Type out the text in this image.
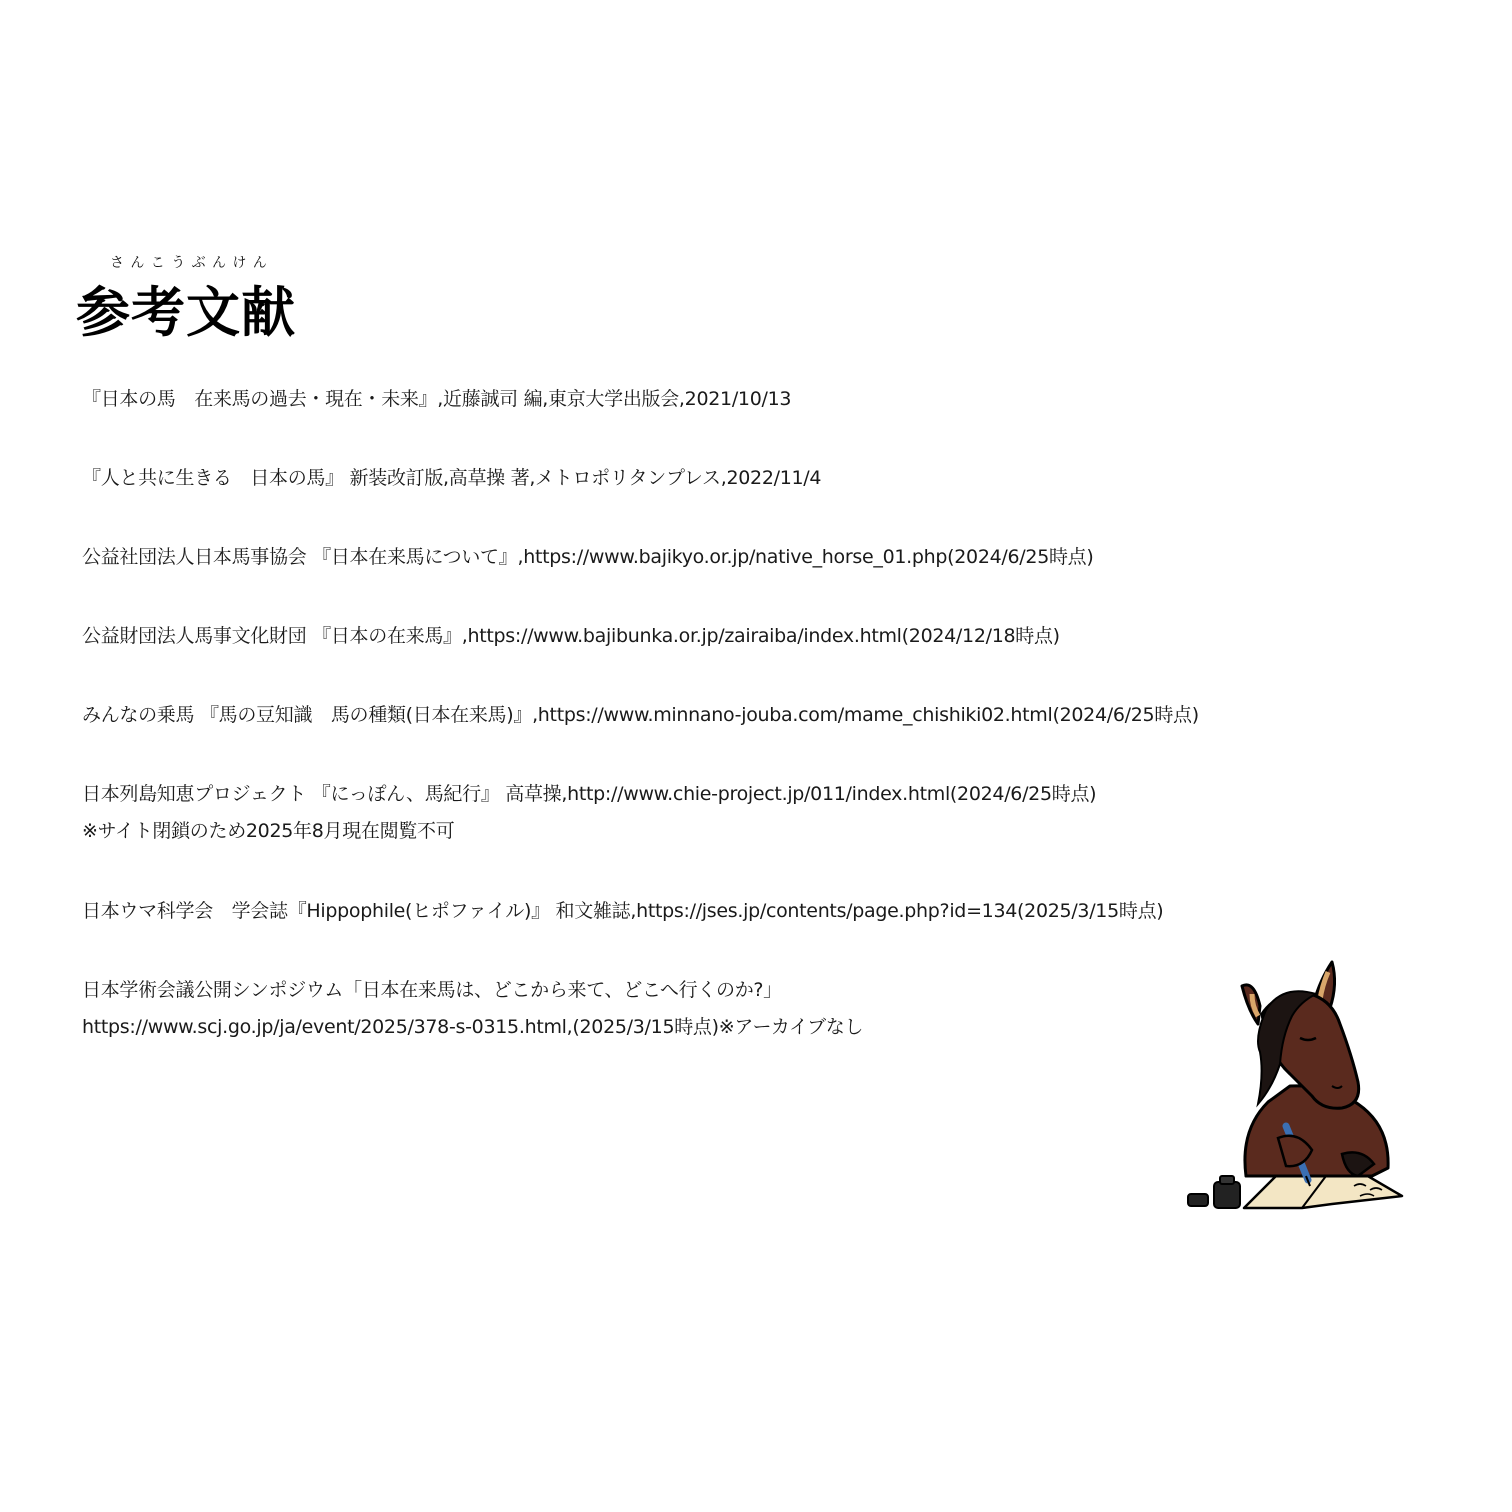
さんこうぶんけん
参考文献
『日本の馬　在来馬の過去・現在・未来』,近藤誠司 編,東京大学出版会,2021/10/13
『人と共に生きる　日本の馬』 新装改訂版,高草操 著,メトロポリタンプレス,2022/11/4
公益社団法人日本馬事協会 『日本在来馬について』,https://www.bajikyo.or.jp/native_horse_01.php(2024/6/25時点)
公益財団法人馬事文化財団 『日本の在来馬』,https://www.bajibunka.or.jp/zairaiba/index.html(2024/12/18時点)
みんなの乗馬 『馬の豆知識　馬の種類(日本在来馬)』,https://www.minnano-jouba.com/mame_chishiki02.html(2024/6/25時点)
日本列島知恵プロジェクト 『にっぽん、馬紀行』 高草操,http://www.chie-project.jp/011/index.html(2024/6/25時点)
※サイト閉鎖のため2025年8月現在閲覧不可
日本ウマ科学会　学会誌『Hippophile(ヒポファイル)』 和文雑誌,https://jses.jp/contents/page.php?id=134(2025/3/15時点)
日本学術会議公開シンポジウム「日本在来馬は、どこから来て、どこへ行くのか?」
https://www.scj.go.jp/ja/event/2025/378-s-0315.html,(2025/3/15時点)※アーカイブなし
